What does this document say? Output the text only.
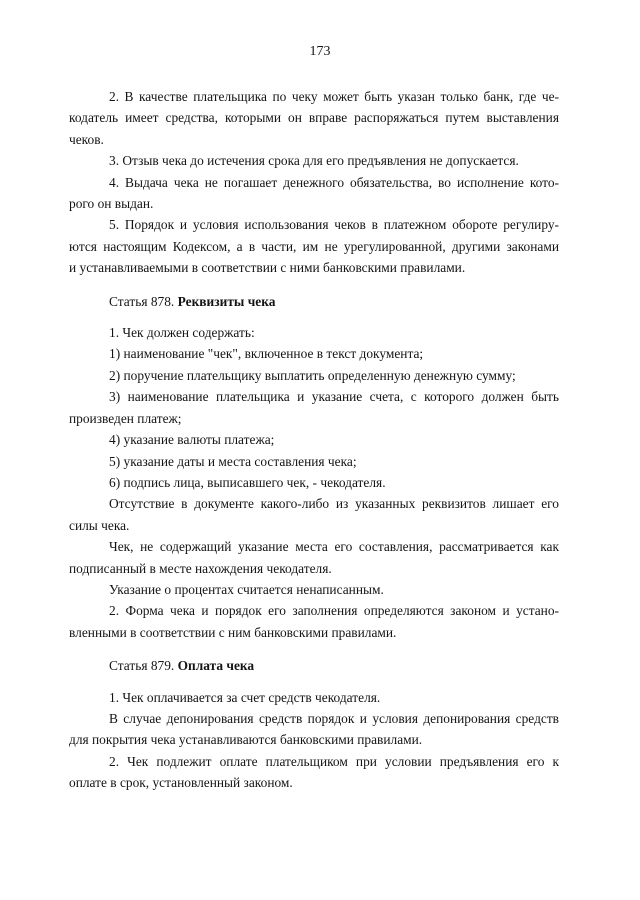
173

2. В качестве плательщика по чеку может быть указан только банк, где че-

кодатель имеет средства, которыми он вправе распоряжаться путем выставления

чеков.

3. Отзыв чека до истечения срока для его предъявления не допускается.

4. Выдача чека не погашает денежного обязательства, во исполнение кото-

рого он выдан.

5. Порядок и условия использования чеков в платежном обороте регулиру-

ются настоящим Кодексом, а в части, им не урегулированной, другими законами

и устанавливаемыми в соответствии с ними банковскими правилами.

Статья 878. Реквизиты чека

1. Чек должен содержать:

1) наименование "чек", включенное в текст документа;

2) поручение плательщику выплатить определенную денежную сумму;

3) наименование плательщика и указание счета, с которого должен быть

произведен платеж;

4) указание валюты платежа;

5) указание даты и места составления чека;

6) подпись лица, выписавшего чек, - чекодателя.

Отсутствие в документе какого-либо из указанных реквизитов лишает его

силы чека.

Чек, не содержащий указание места его составления, рассматривается как

подписанный в месте нахождения чекодателя.

Указание о процентах считается ненаписанным.

2. Форма чека и порядок его заполнения определяются законом и устано-

вленными в соответствии с ним банковскими правилами.

Статья 879. Оплата чека

1. Чек оплачивается за счет средств чекодателя.

В случае депонирования средств порядок и условия депонирования средств

для покрытия чека устанавливаются банковскими правилами.

2. Чек подлежит оплате плательщиком при условии предъявления его к

оплате в срок, установленный законом.
